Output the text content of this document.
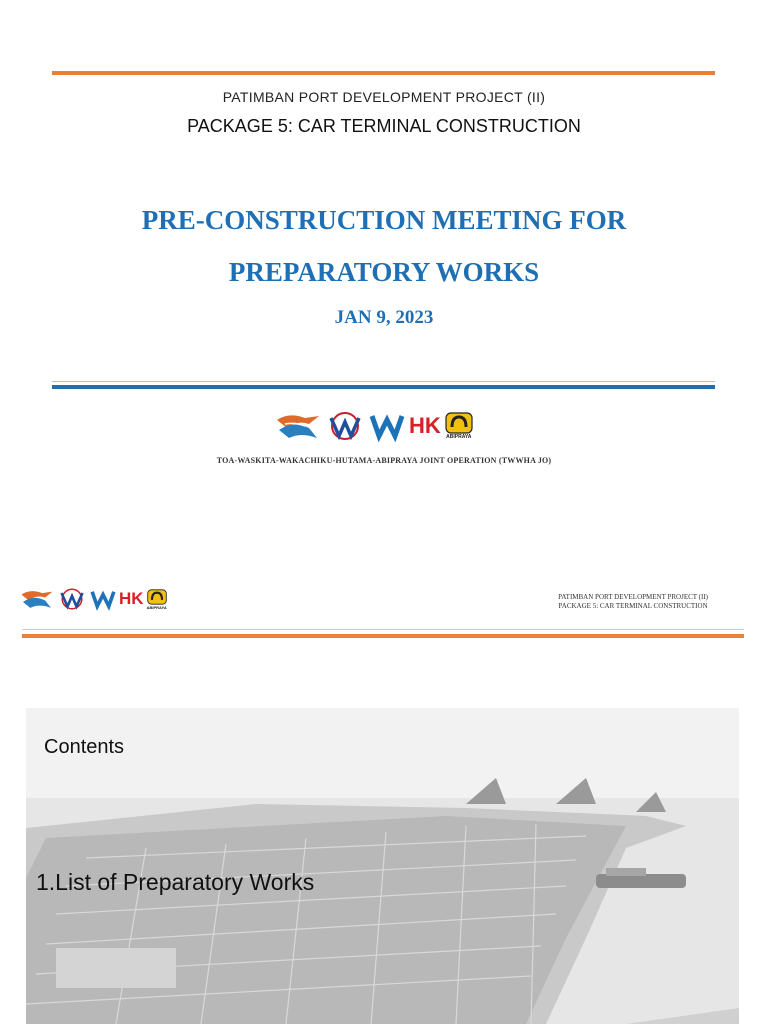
PATIMBAN PORT DEVELOPMENT PROJECT (II)
PACKAGE 5: CAR TERMINAL CONSTRUCTION
PRE-CONSTRUCTION MEETING FOR
PREPARATORY WORKS
JAN 9, 2023
HK ABIPRAYA
TOA-WASKITA-WAKACHIKU-HUTAMA-ABIPRAYA JOINT OPERATION (TWWHA JO)
HK ABIPRAYA
PATIMBAN PORT DEVELOPMENT PROJECT (II)
PACKAGE 5: CAR TERMINAL CONSTRUCTION
Contents
1.List of Preparatory Works
